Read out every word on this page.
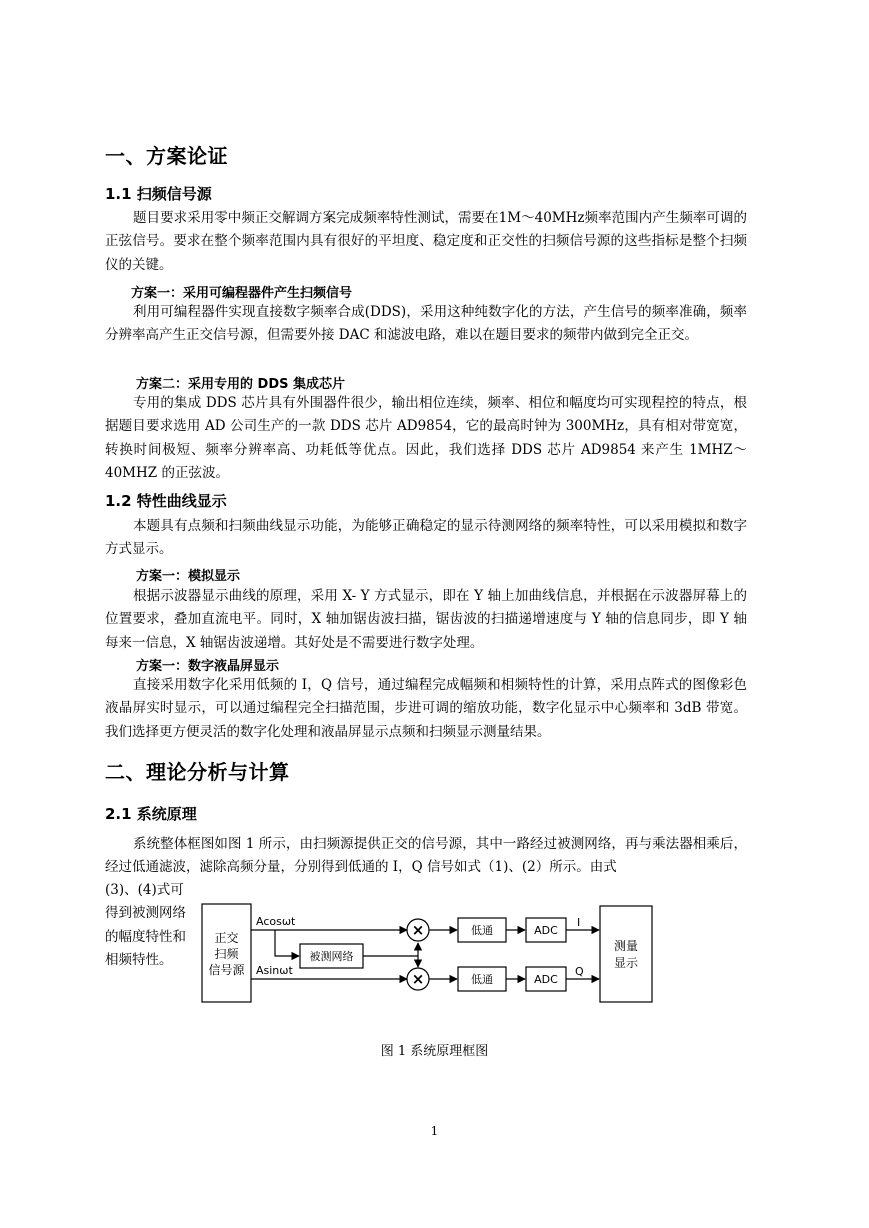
一、方案论证
1.1 扫频信号源

题目要求采用零中频正交解调方案完成频率特性测试，需要在1M～40MHz频率范围内产生频率可调的正弦信号。要求在整个频率范围内具有很好的平坦度、稳定度和正交性的扫频信号源的这些指标是整个扫频仪的关键。

方案一：采用可编程器件产生扫频信号

利用可编程器件实现直接数字频率合成(DDS)，采用这种纯数字化的方法，产生信号的频率准确，频率分辨率高产生正交信号源，但需要外接 DAC 和滤波电路，难以在题目要求的频带内做到完全正交。

方案二：采用专用的 DDS 集成芯片

专用的集成 DDS 芯片具有外围器件很少，输出相位连续，频率、相位和幅度均可实现程控的特点，根据题目要求选用 AD 公司生产的一款 DDS 芯片 AD9854，它的最高时钟为 300MHz，具有相对带宽宽，转换时间极短、频率分辨率高、功耗低等优点。因此，我们选择 DDS 芯片 AD9854 来产生 1MHZ～40MHZ 的正弦波。

1.2 特性曲线显示

本题具有点频和扫频曲线显示功能，为能够正确稳定的显示待测网络的频率特性，可以采用模拟和数字方式显示。

方案一：模拟显示

根据示波器显示曲线的原理，采用 X- Y 方式显示，即在 Y 轴上加曲线信息，并根据在示波器屏幕上的位置要求，叠加直流电平。同时，X 轴加锯齿波扫描，锯齿波的扫描递增速度与 Y 轴的信息同步，即 Y 轴每来一信息，X 轴锯齿波递增。其好处是不需要进行数字处理。

方案一：数字液晶屏显示

直接采用数字化采用低频的 I，Q 信号，通过编程完成幅频和相频特性的计算，采用点阵式的图像彩色液晶屏实时显示，可以通过编程完全扫描范围，步进可调的缩放功能，数字化显示中心频率和 3dB 带宽。我们选择更方便灵活的数字化处理和液晶屏显示点频和扫频显示测量结果。

二、理论分析与计算
2.1 系统原理

系统整体框图如图 1 所示，由扫频源提供正交的信号源，其中一路经过被测网络，再与乘法器相乘后，经过低通滤波，滤除高频分量，分别得到低通的 I，Q 信号如式（1)、(2）所示。由式

(3)、(4)式可得到被测网络的幅度特性和相频特性。

正交
扫频
信号源
Acosωt
Asinωt
被测网络
×
×
低通
低通
ADC
ADC
I
Q
测量
显示

图 1 系统原理框图

1
